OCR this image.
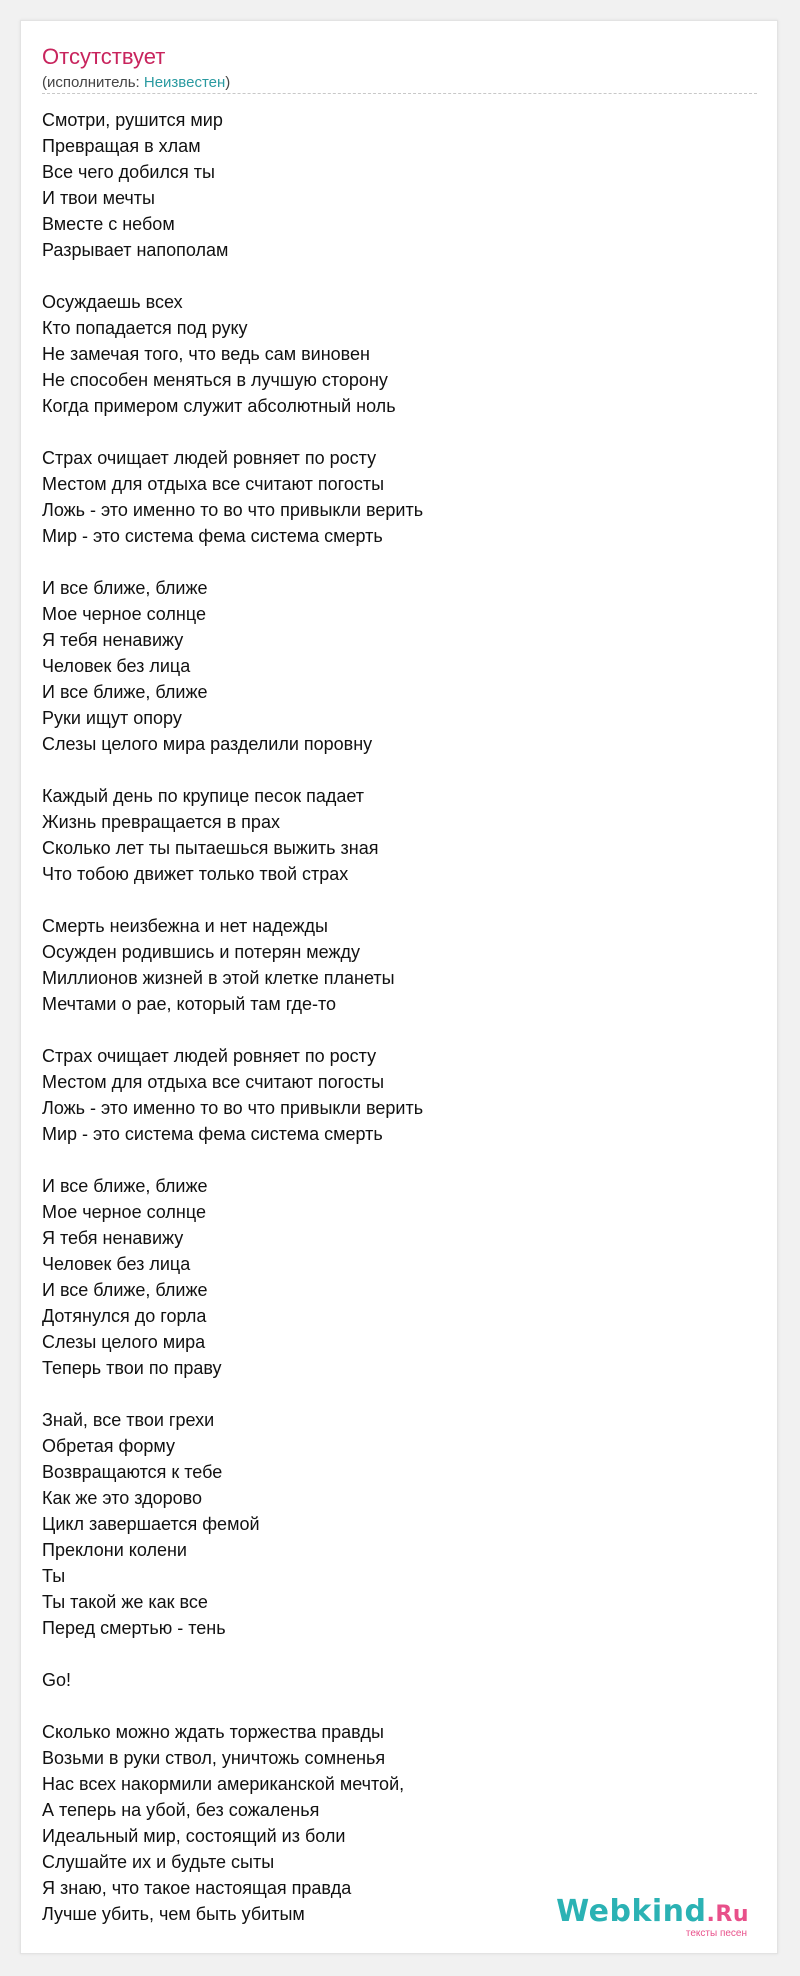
Отсутствует
(исполнитель: Неизвестен)
Смотри, рушится мир
Превращая в хлам
Все чего добился ты
И твои мечты
Вместе с небом
Разрывает напополам
Осуждаешь всех
Кто попадается под руку
Не замечая того, что ведь сам виновен
Не способен меняться в лучшую сторону
Когда примером служит абсолютный ноль
Страх очищает людей ровняет по росту
Местом для отдыха все считают погосты
Ложь - это именно то во что привыкли верить
Мир - это система фема система смерть
И все ближе, ближе
Мое черное солнце
Я тебя ненавижу
Человек без лица
И все ближе, ближе
Руки ищут опору
Слезы целого мира разделили поровну
Каждый день по крупице песок падает
Жизнь превращается в прах
Сколько лет ты пытаешься выжить зная
Что тобою движет только твой страх
Смерть неизбежна и нет надежды
Осужден родившись и потерян между
Миллионов жизней в этой клетке планеты
Мечтами о рае, который там где-то
Страх очищает людей ровняет по росту
Местом для отдыха все считают погосты
Ложь - это именно то во что привыкли верить
Мир - это система фема система смерть
И все ближе, ближе
Мое черное солнце
Я тебя ненавижу
Человек без лица
И все ближе, ближе
Дотянулся до горла
Слезы целого мира
Теперь твои по праву
Знай, все твои грехи
Обретая форму
Возвращаются к тебе
Как же это здорово
Цикл завершается фемой
Преклони колени
Ты
Ты такой же как все
Перед смертью - тень
Go!
Сколько можно ждать торжества правды
Возьми в руки ствол, уничтожь сомненья
Нас всех накормили американской мечтой,
А теперь на убой, без сожаленья
Идеальный мир, состоящий из боли
Слушайте их и будьте сыты
Я знаю, что такое настоящая правда
Лучше убить, чем быть убитым	Webkind.Ru
тексты песен
